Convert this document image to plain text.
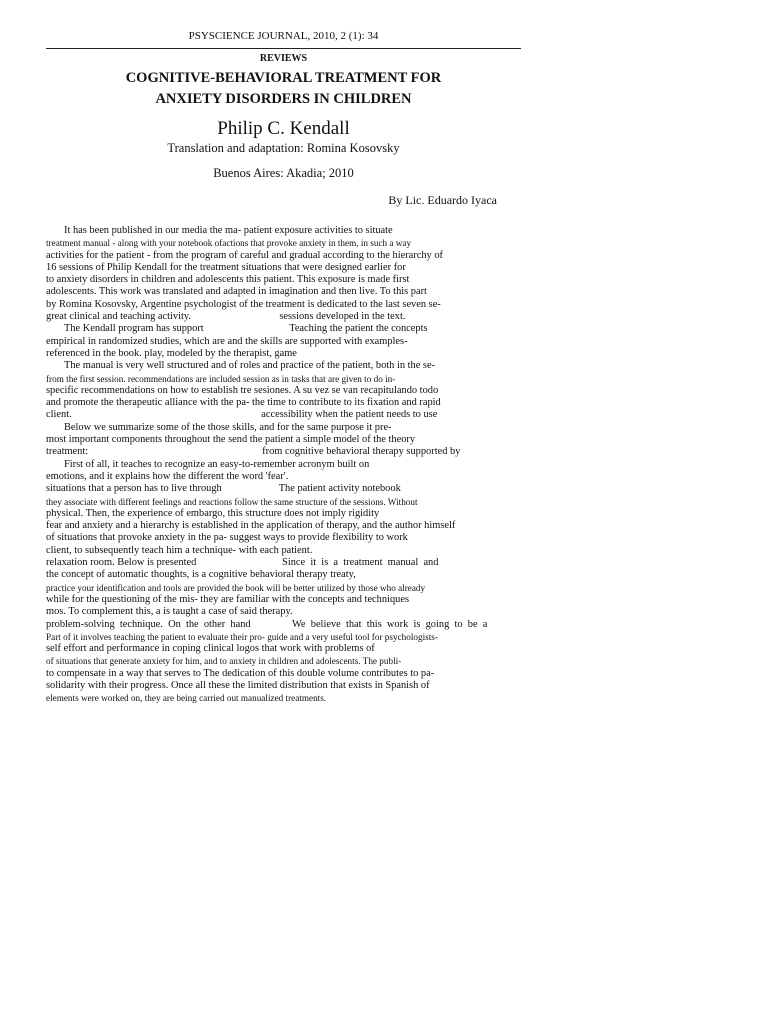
PSYSCIENCE JOURNAL, 2010, 2 (1): 34
REVIEWS
COGNITIVE-BEHAVIORAL TREATMENT FOR
ANXIETY DISORDERS IN CHILDREN
Philip C. Kendall
Translation and adaptation: Romina Kosovsky
Buenos Aires: Akadia; 2010
By Lic. Eduardo Iyaca
It has been published in our media the ma- patient exposure activities to situate
treatment manual - along with your notebook ofactions that provoke anxiety in them, in such a way
activities for the patient - from the program of careful and gradual according to the hierarchy of
16 sessions of Philip Kendall for the treatment situations that were designed earlier for
to anxiety disorders in children and adolescents this patient. This exposure is made first
adolescents. This work was translated and adapted in imagination and then live. To this part
by Romina Kosovsky, Argentine psychologist of the treatment is dedicated to the last seven se-
great clinical and teaching activity.                                  sessions developed in the text.
The Kendall program has support                                 Teaching the patient the concepts
empirical in randomized studies, which are and the skills are supported with examples-
referenced in the book. play, modeled by the therapist, game
The manual is very well structured and of roles and practice of the patient, both in the se-
from the first session. recommendations are included session as in tasks that are given to do in-
specific recommendations on how to establish tre sesiones. A su vez se van recapitulando todo
and promote the therapeutic alliance with the pa- the time to contribute to its fixation and rapid
client.                                                                         accessibility when the patient needs to use
Below we summarize some of the those skills, and for the same purpose it pre-
most important components throughout the send the patient a simple model of the theory
treatment:                                                                   from cognitive behavioral therapy supported by
First of all, it teaches to recognize an easy-to-remember acronym built on
emotions, and it explains how the different the word 'fear'.
situations that a person has to live through                      The patient activity notebook
they associate with different feelings and reactions follow the same structure of the sessions. Without
physical. Then, the experience of embargo, this structure does not imply rigidity
fear and anxiety and a hierarchy is established in the application of therapy, and the author himself
of situations that provoke anxiety in the pa- suggest ways to provide flexibility to work
client, to subsequently teach him a technique- with each patient.
relaxation room. Below is presented                                 Since  it  is  a  treatment  manual  and
the concept of automatic thoughts, is a cognitive behavioral therapy treaty,
practice your identification and tools are provided the book will be better utilized by those who already
while for the questioning of the mis- they are familiar with the concepts and techniques
mos. To complement this, a is taught a case of said therapy.
problem-solving  technique.  On  the  other  hand                We  believe  that  this  work  is  going  to  be  a
Part of it involves teaching the patient to evaluate their pro- guide and a very useful tool for psychologists-
self effort and performance in coping clinical logos that work with problems of
of situations that generate anxiety for him, and to anxiety in children and adolescents. The publi-
to compensate in a way that serves to The dedication of this double volume contributes to pa-
solidarity with their progress. Once all these the limited distribution that exists in Spanish of
elements were worked on, they are being carried out manualized treatments.
